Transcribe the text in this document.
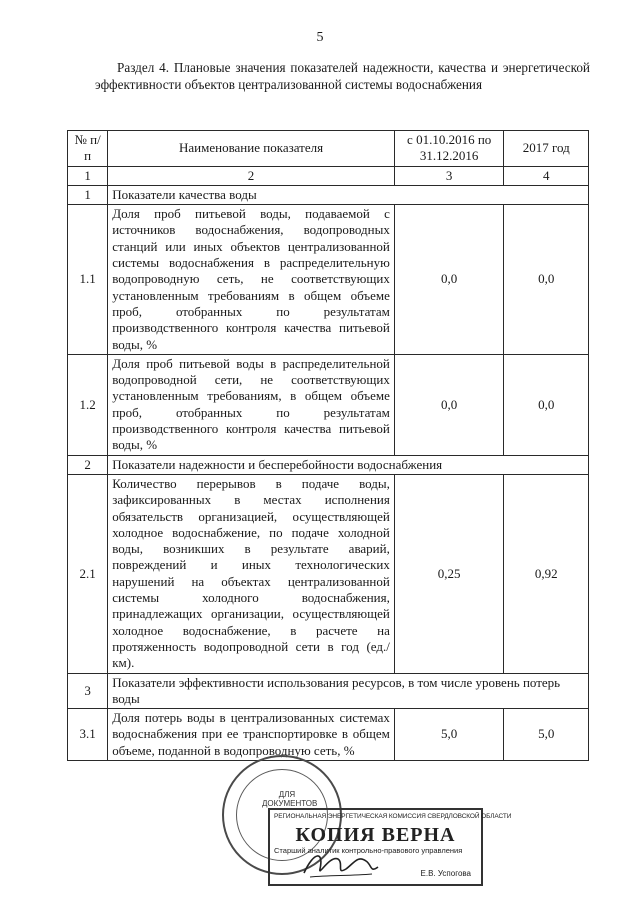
5
Раздел 4. Плановые значения показателей надежности, качества и энергетической эффективности объектов централизованной системы водоснабжения
№ п/п	Наименование показателя	с 01.10.2016 по 31.12.2016	2017 год
1	2	3	4
1	Показатели качества воды		
1.1	Доля проб питьевой воды, подаваемой с источников водоснабжения, водопроводных станций или иных объектов централизованной системы водоснабжения в распределительную водопроводную сеть, не соответствующих установленным требованиям в общем объеме проб, отобранных по результатам производственного контроля качества питьевой воды, %	0,0	0,0
1.2	Доля проб питьевой воды в распределительной водопроводной сети, не соответствующих установленным требованиям, в общем объеме проб, отобранных по результатам производственного контроля качества питьевой воды, %	0,0	0,0
2	Показатели надежности и бесперебойности водоснабжения		
2.1	Количество перерывов в подаче воды, зафиксированных в местах исполнения обязательств организацией, осуществляющей холодное водоснабжение, по подаче холодной воды, возникших в результате аварий, повреждений и иных технологических нарушений на объектах централизованной системы холодного водоснабжения, принадлежащих организации, осуществляющей холодное водоснабжение, в расчете на протяженность водопроводной сети в год (ед./км).	0,25	0,92
3	Показатели эффективности использования ресурсов, в том числе уровень потерь воды		
3.1	Доля потерь воды в централизованных системах водоснабжения при ее транспортировке в общем объеме, поданной в водопроводную сеть, %	5,0	5,0
ДЛЯ ДОКУМЕНТОВ
РЕГИОНАЛЬНАЯ ЭНЕРГЕТИЧЕСКАЯ КОМИССИЯ СВЕРДЛОВСКОЙ ОБЛАСТИ
КОПИЯ ВЕРНА
Старший аналитик контрольно-правового управления
Е.В. Успогова
